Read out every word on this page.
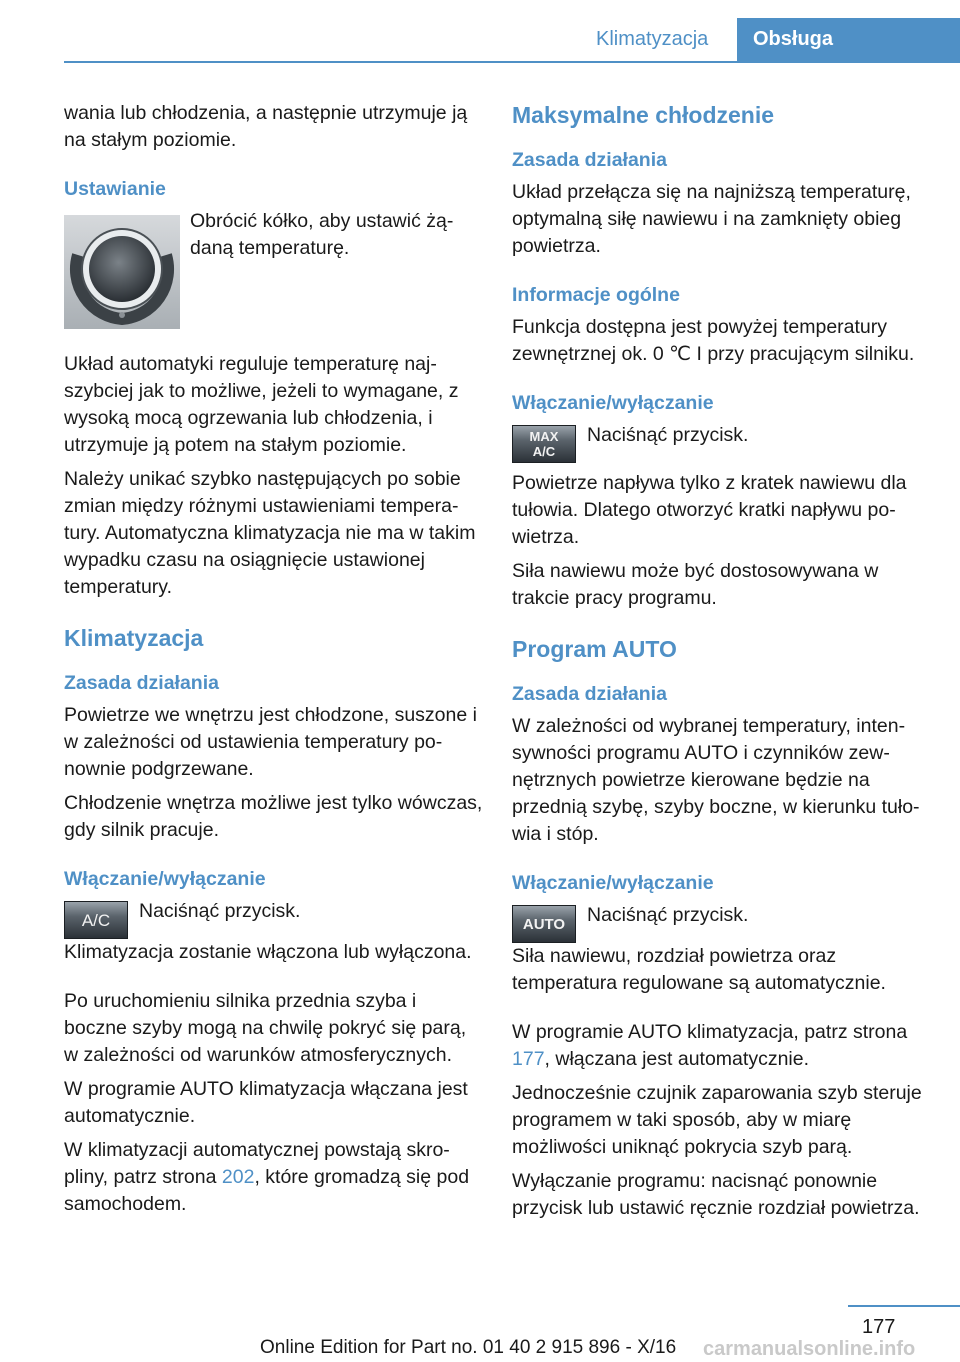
Klimatyzacja	Obsługa

wania lub chłodzenia, a następnie utrzymuje ją na stałym poziomie.

Ustawianie

Obrócić kółko, aby ustawić żądaną temperaturę.

Układ automatyki reguluje temperaturę najszybciej jak to możliwe, jeżeli to wymagane, z wysoką mocą ogrzewania lub chłodzenia, i utrzymuje ją potem na stałym poziomie.

Należy unikać szybko następujących po sobie zmian między różnymi ustawieniami temperatury. Automatyczna klimatyzacja nie ma w takim wypadku czasu na osiągnięcie ustawionej temperatury.

Klimatyzacja
Zasada działania

Powietrze we wnętrzu jest chłodzone, suszone i w zależności od ustawienia temperatury ponownie podgrzewane.

Chłodzenie wnętrza możliwe jest tylko wówczas, gdy silnik pracuje.

Włączanie/wyłączanie
A/C Naciśnąć przycisk.

Klimatyzacja zostanie włączona lub wyłączona.

Po uruchomieniu silnika przednia szyba i boczne szyby mogą na chwilę pokryć się parą, w zależności od warunków atmosferycznych.

W programie AUTO klimatyzacja włączana jest automatycznie.

W klimatyzacji automatycznej powstają skropliny, patrz strona 202, które gromadzą się pod samochodem.

Maksymalne chłodzenie
Zasada działania

Układ przełącza się na najniższą temperaturę, optymalną siłę nawiewu i na zamknięty obieg powietrza.

Informacje ogólne

Funkcja dostępna jest powyżej temperatury zewnętrznej ok. 0 ℃ I przy pracującym silniku.

Włączanie/wyłączanie
MAX
A/C

Naciśnąć przycisk.

Powietrze napływa tylko z kratek nawiewu dla tułowia. Dlatego otworzyć kratki napływu powietrza.

Siła nawiewu może być dostosowywana w trakcie pracy programu.

Program AUTO
Zasada działania

W zależności od wybranej temperatury, intensywności programu AUTO i czynników zewnętrznych powietrze kierowane będzie na przednią szybę, szyby boczne, w kierunku tułowia i stóp.

Włączanie/wyłączanie
AUTO Naciśnąć przycisk.

Siła nawiewu, rozdział powietrza oraz temperatura regulowane są automatycznie.

W programie AUTO klimatyzacja, patrz strona 177, włączana jest automatycznie.

Jednocześnie czujnik zaparowania szyb steruje programem w taki sposób, aby w miarę możliwości uniknąć pokrycia szyb parą.

Wyłączanie programu: nacisnąć ponownie przycisk lub ustawić ręcznie rozdział powietrza.

177
Online Edition for Part no. 01 40 2 915 896 - X/16 carmanualsonline.info
